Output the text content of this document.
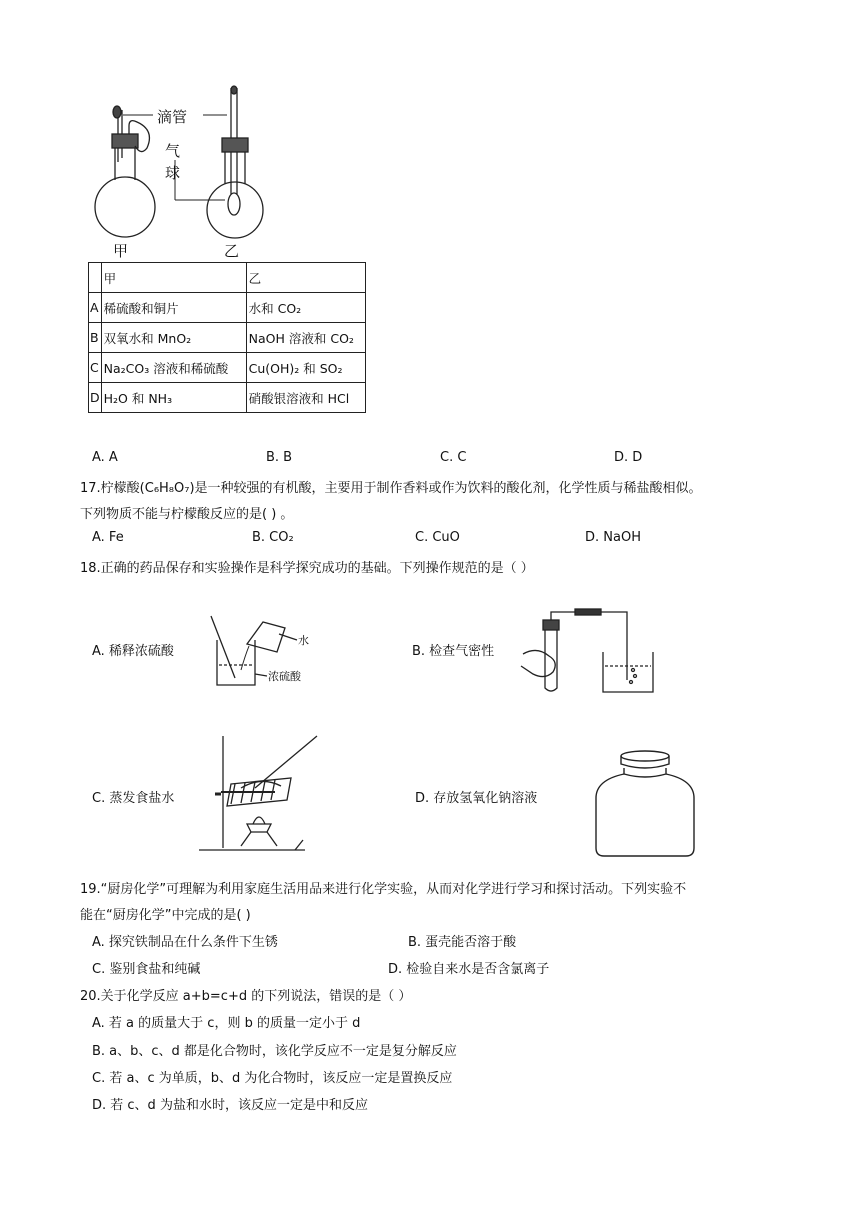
滴管
气
球
甲	乙
	甲	乙
A	稀硫酸和铜片	水和 CO₂
B	双氧水和 MnO₂	NaOH 溶液和 CO₂
C	Na₂CO₃ 溶液和稀硫酸	Cu(OH)₂ 和 SO₂
D	H₂O 和 NH₃	硝酸银溶液和 HCl
A. A	B. B	C. C	D. D
17.柠檬酸(C₆H₈O₇)是一种较强的有机酸，主要用于制作香料或作为饮料的酸化剂，化学性质与稀盐酸相似。
下列物质不能与柠檬酸反应的是( ) 。
A. Fe	B. CO₂	C. CuO	D. NaOH
18.正确的药品保存和实验操作是科学探究成功的基础。下列操作规范的是（ ）
A. 稀释浓硫酸
水
浓硫酸
B. 检查气密性
C. 蒸发食盐水	D. 存放氢氧化钠溶液
19.“厨房化学”可理解为利用家庭生活用品来进行化学实验，从而对化学进行学习和探讨活动。下列实验不
能在“厨房化学”中完成的是( )
A. 探究铁制品在什么条件下生锈	B. 蛋壳能否溶于酸
C. 鉴别食盐和纯碱	D. 检验自来水是否含氯离子
20.关于化学反应 a+b=c+d 的下列说法，错误的是（ ）
A. 若 a 的质量大于 c，则 b 的质量一定小于 d
B. a、b、c、d 都是化合物时，该化学反应不一定是复分解反应
C. 若 a、c 为单质，b、d 为化合物时，该反应一定是置换反应
D. 若 c、d 为盐和水时，该反应一定是中和反应
